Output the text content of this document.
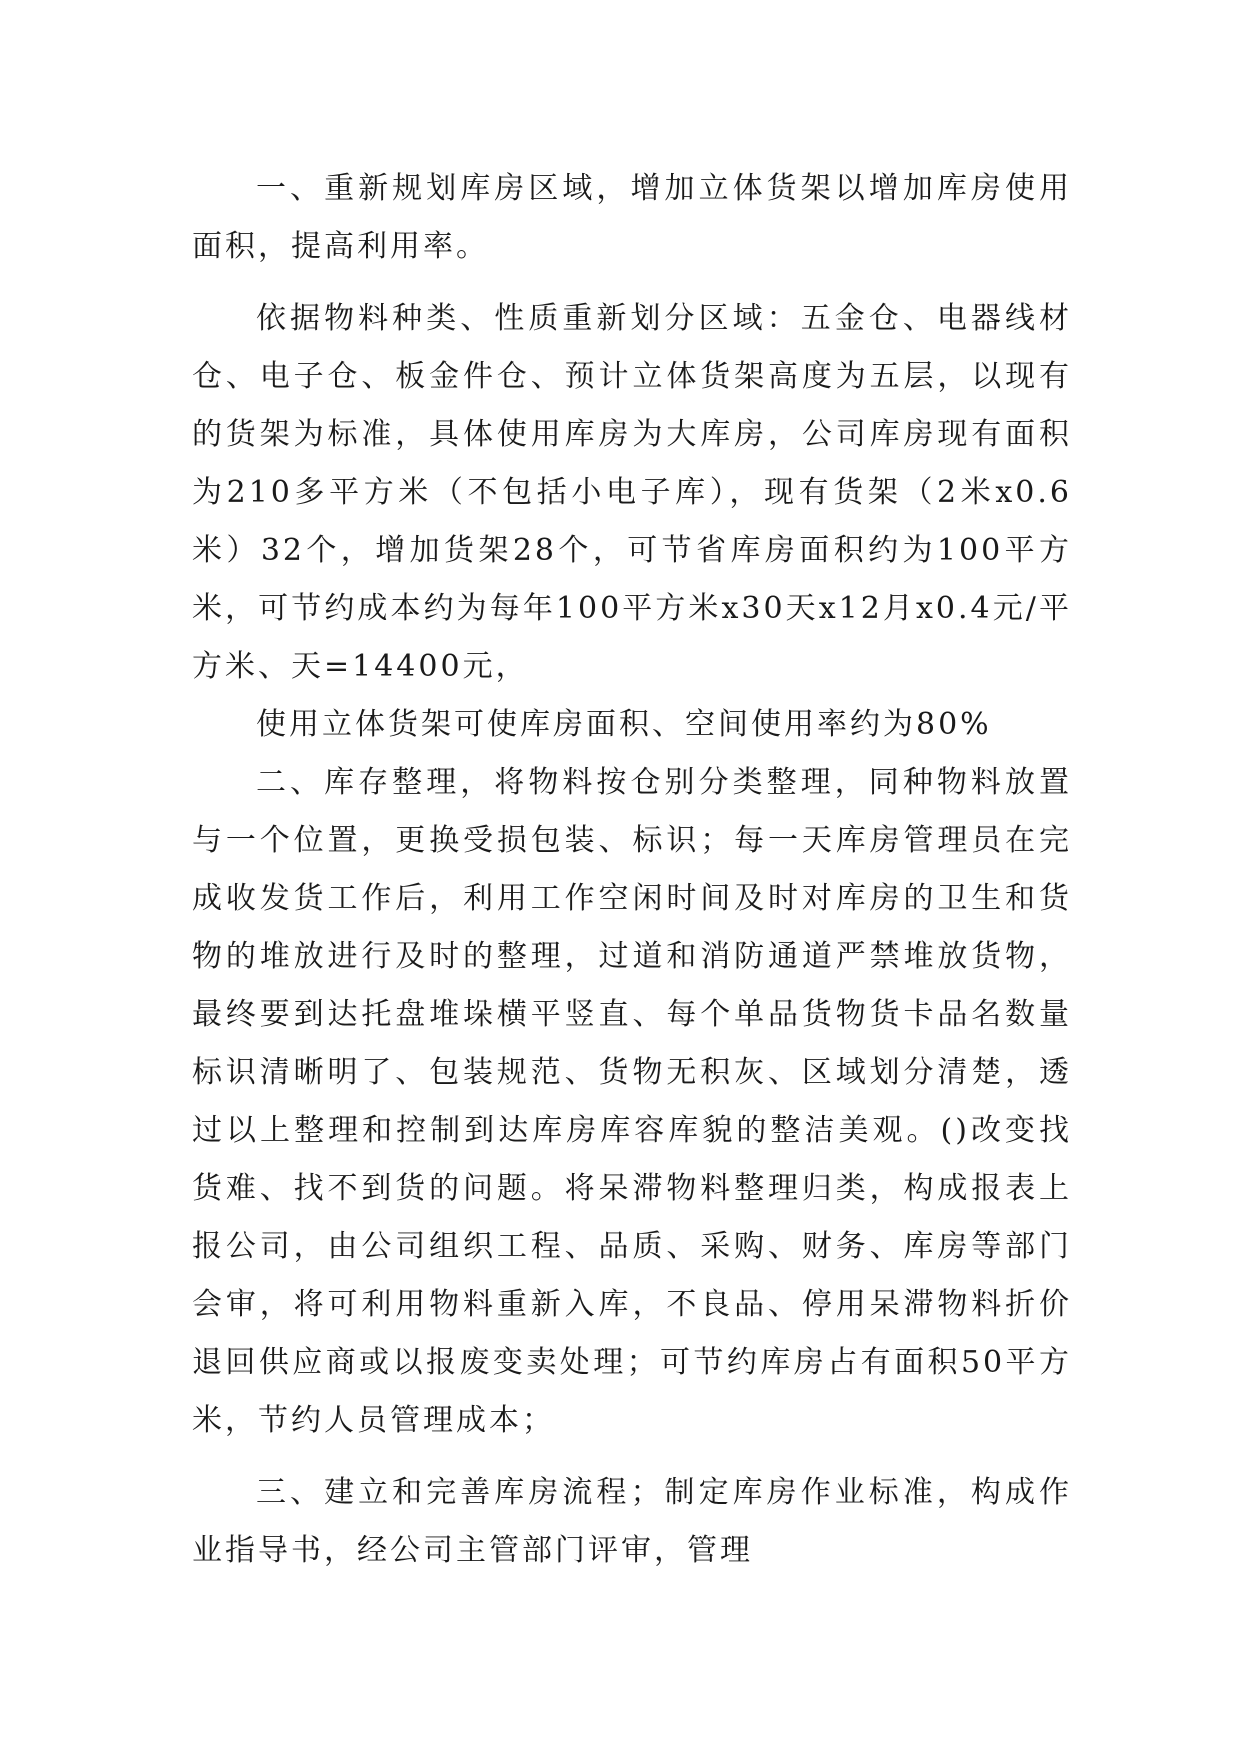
一、重新规划库房区域，增加立体货架以增加库房使用面积，提高利用率。

依据物料种类、性质重新划分区域：五金仓、电器线材仓、电子仓、板金件仓、预计立体货架高度为五层，以现有的货架为标准，具体使用库房为大库房，公司库房现有面积为210多平方米（不包括小电子库），现有货架（2米x0.6米）32个，增加货架28个，可节省库房面积约为100平方米，可节约成本约为每年100平方米x30天x12月x0.4元/平方米、天=14400元，

使用立体货架可使库房面积、空间使用率约为80%

二、库存整理，将物料按仓别分类整理，同种物料放置与一个位置，更换受损包装、标识；每一天库房管理员在完成收发货工作后，利用工作空闲时间及时对库房的卫生和货物的堆放进行及时的整理，过道和消防通道严禁堆放货物，最终要到达托盘堆垛横平竖直、每个单品货物货卡品名数量标识清晰明了、包装规范、货物无积灰、区域划分清楚，透过以上整理和控制到达库房库容库貌的整洁美观。()改变找货难、找不到货的问题。将呆滞物料整理归类，构成报表上报公司，由公司组织工程、品质、采购、财务、库房等部门会审，将可利用物料重新入库，不良品、停用呆滞物料折价退回供应商或以报废变卖处理；可节约库房占有面积50平方米，节约人员管理成本；

三、建立和完善库房流程；制定库房作业标准，构成作业指导书，经公司主管部门评审，管理
